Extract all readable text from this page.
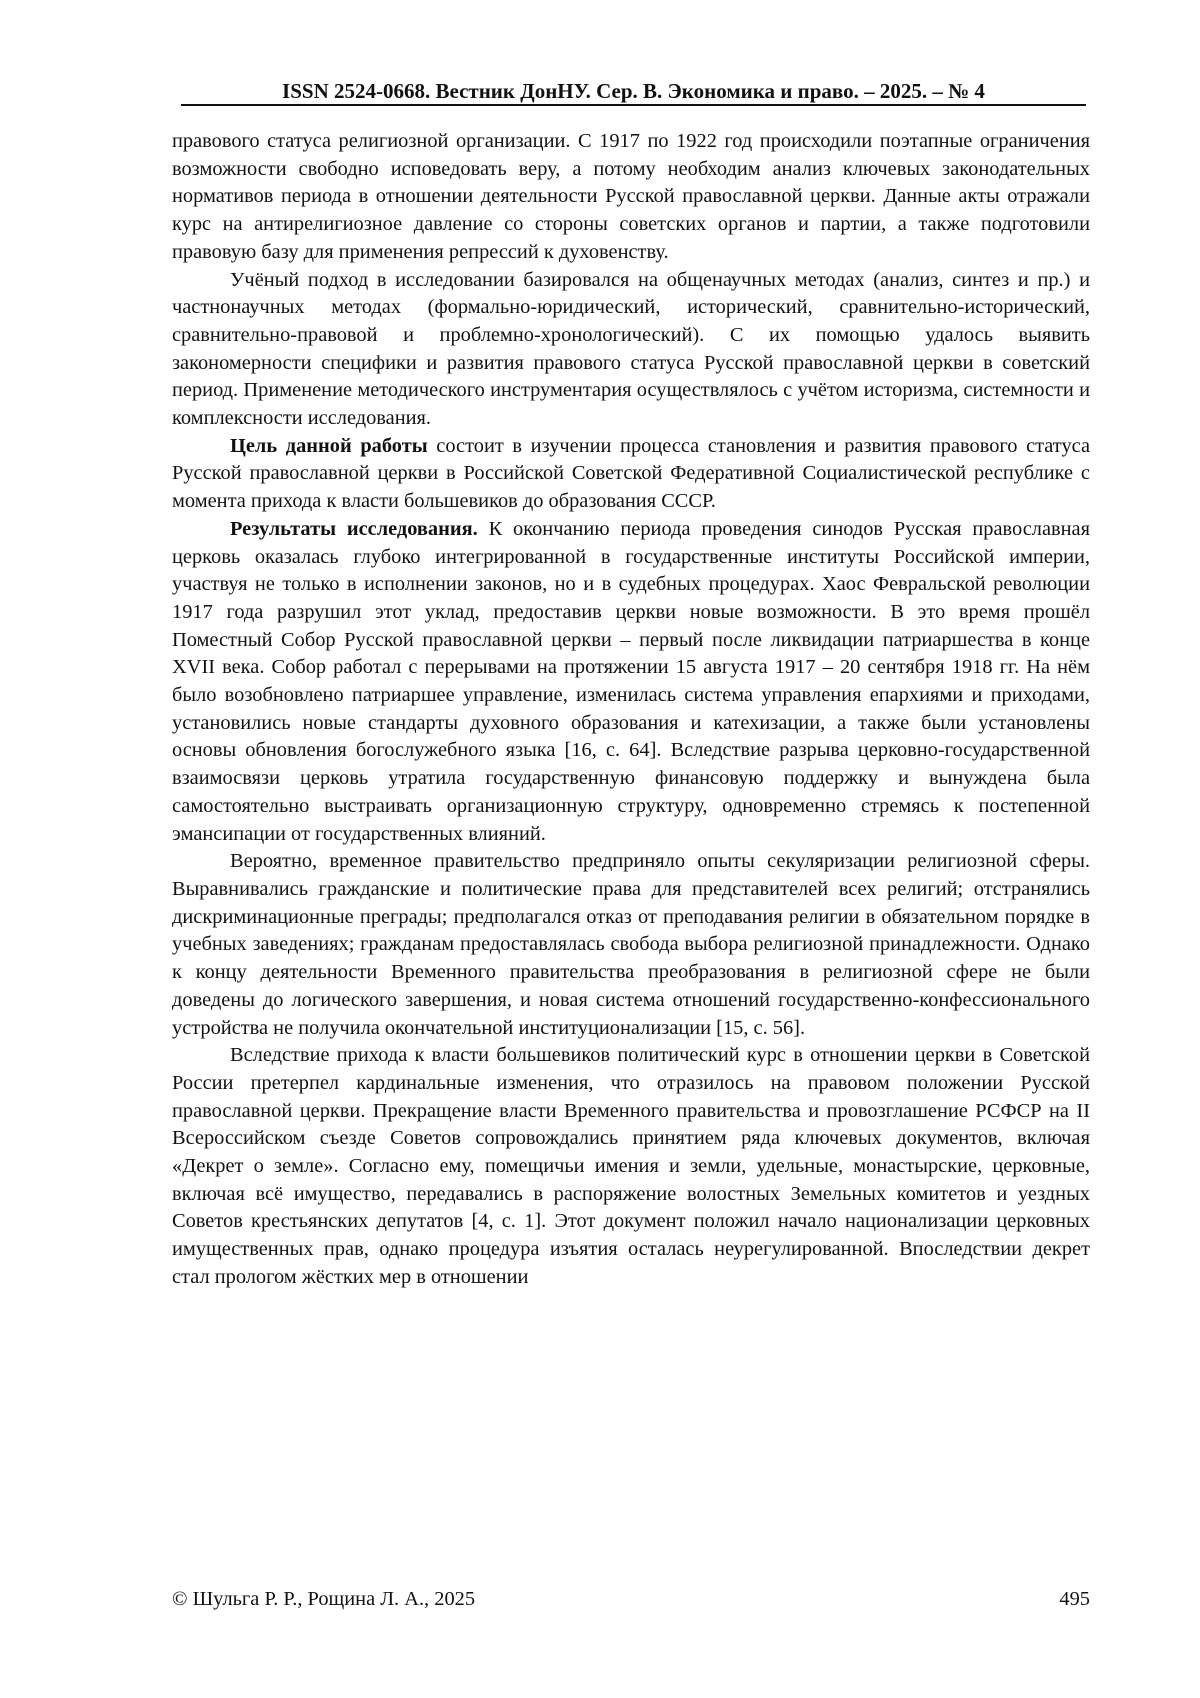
ISSN 2524-0668. Вестник ДонНУ. Сер. В. Экономика и право. – 2025. – № 4

правового статуса религиозной организации. С 1917 по 1922 год происходили поэтапные ограничения возможности свободно исповедовать веру, а потому необходим анализ ключевых законодательных нормативов периода в отношении деятельности Русской православной церкви. Данные акты отражали курс на антирелигиозное давление со стороны советских органов и партии, а также подготовили правовую базу для применения репрессий к духовенству.

Учёный подход в исследовании базировался на общенаучных методах (анализ, синтез и пр.) и частнонаучных методах (формально-юридический, исторический, сравнительно-исторический, сравнительно-правовой и проблемно-хронологический). С их помощью удалось выявить закономерности специфики и развития правового статуса Русской православной церкви в советский период. Применение методического инструментария осуществлялось с учётом историзма, системности и комплексности исследования.

Цель данной работы состоит в изучении процесса становления и развития правового статуса Русской православной церкви в Российской Советской Федеративной Социалистической республике с момента прихода к власти большевиков до образования СССР.

Результаты исследования. К окончанию периода проведения синодов Русская православная церковь оказалась глубоко интегрированной в государственные институты Российской империи, участвуя не только в исполнении законов, но и в судебных процедурах. Хаос Февральской революции 1917 года разрушил этот уклад, предоставив церкви новые возможности. В это время прошёл Поместный Собор Русской православной церкви – первый после ликвидации патриаршества в конце XVII века. Собор работал с перерывами на протяжении 15 августа 1917 – 20 сентября 1918 гг. На нём было возобновлено патриаршее управление, изменилась система управления епархиями и приходами, установились новые стандарты духовного образования и катехизации, а также были установлены основы обновления богослужебного языка [16, с. 64]. Вследствие разрыва церковно-государственной взаимосвязи церковь утратила государственную финансовую поддержку и вынуждена была самостоятельно выстраивать организационную структуру, одновременно стремясь к постепенной эмансипации от государственных влияний.

Вероятно, временное правительство предприняло опыты секуляризации религиозной сферы. Выравнивались гражданские и политические права для представителей всех религий; отстранялись дискриминационные преграды; предполагался отказ от преподавания религии в обязательном порядке в учебных заведениях; гражданам предоставлялась свобода выбора религиозной принадлежности. Однако к концу деятельности Временного правительства преобразования в религиозной сфере не были доведены до логического завершения, и новая система отношений государственно-конфессионального устройства не получила окончательной институционализации [15, с. 56].

Вследствие прихода к власти большевиков политический курс в отношении церкви в Советской России претерпел кардинальные изменения, что отразилось на правовом положении Русской православной церкви. Прекращение власти Временного правительства и провозглашение РСФСР на II Всероссийском съезде Советов сопровождались принятием ряда ключевых документов, включая «Декрет о земле». Согласно ему, помещичьи имения и земли, удельные, монастырские, церковные, включая всё имущество, передавались в распоряжение волостных Земельных комитетов и уездных Советов крестьянских депутатов [4, с. 1]. Этот документ положил начало национализации церковных имущественных прав, однако процедура изъятия осталась неурегулированной. Впоследствии декрет стал прологом жёстких мер в отношении

© Шульга Р. Р., Рощина Л. А., 2025	495
